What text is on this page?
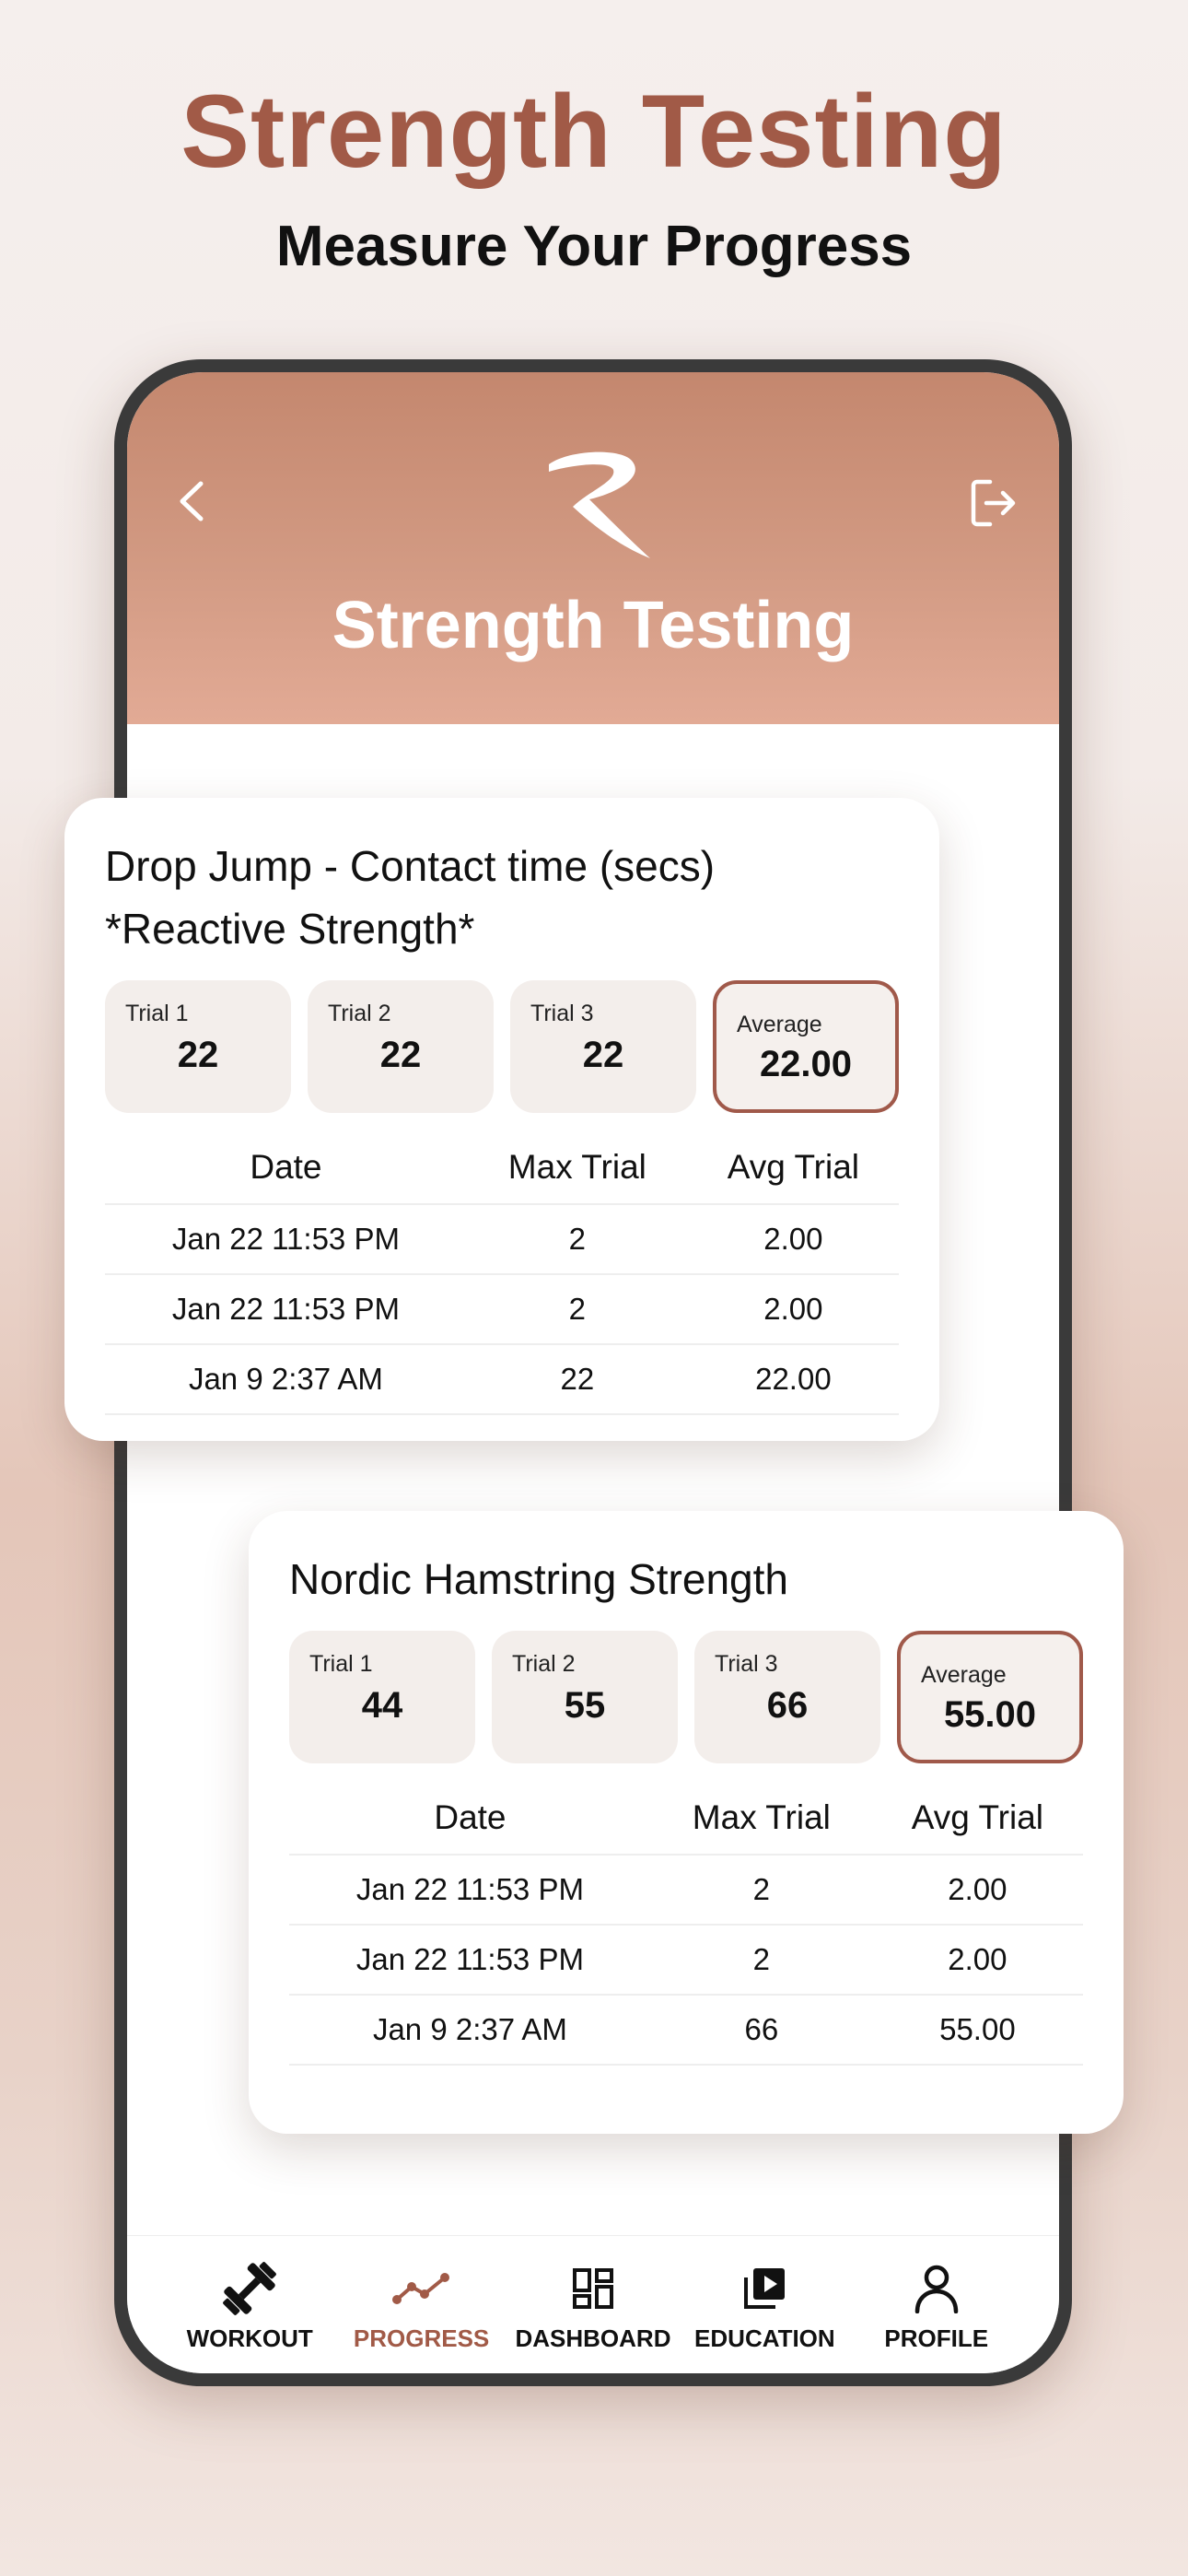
Strength Testing
Measure Your Progress
Strength Testing
WORKOUT PROGRESS DASHBOARD EDUCATION PROFILE
Drop Jump - Contact time (secs) *Reactive Strength*
Trial 1
22
Trial 2
22
Trial 3
22
Average
22.00
Date	Max Trial	Avg Trial
Jan 22 11:53 PM	2	2.00
Jan 22 11:53 PM	2	2.00
Jan 9 2:37 AM	22	22.00
Nordic Hamstring Strength
Trial 1
44
Trial 2
55
Trial 3
66
Average
55.00
Date	Max Trial	Avg Trial
Jan 22 11:53 PM	2	2.00
Jan 22 11:53 PM	2	2.00
Jan 9 2:37 AM	66	55.00
